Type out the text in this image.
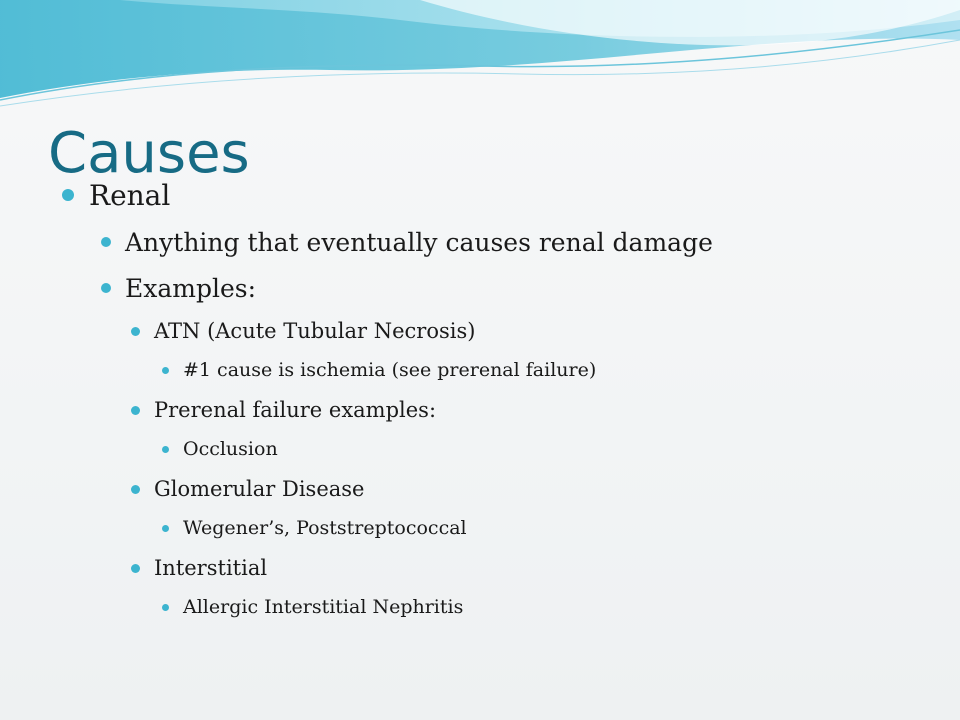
Causes
Renal
Anything that eventually causes renal damage
Examples:
ATN (Acute Tubular Necrosis)
#1 cause is ischemia (see prerenal failure)
Prerenal failure examples:
Occlusion
Glomerular Disease
Wegener’s, Poststreptococcal
Interstitial
Allergic Interstitial Nephritis
